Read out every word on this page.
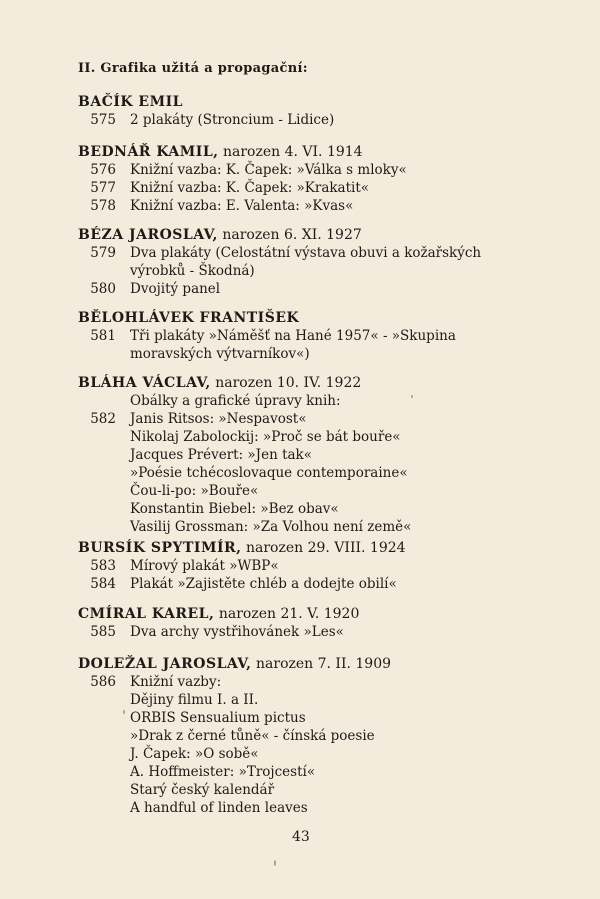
II. Grafika užitá a propagační:
BAČÍK EMIL
575	2 plakáty (Stroncium - Lidice)
BEDNÁŘ KAMIL, narozen 4. VI. 1914
576	Knižní vazba: K. Čapek: »Válka s mloky«
577	Knižní vazba: K. Čapek: »Krakatit«
578	Knižní vazba: E. Valenta: »Kvas«
BÉZA JAROSLAV, narozen 6. XI. 1927
579	Dva plakáty (Celostátní výstava obuvi a kožařských
výrobků - Škodná)
580	Dvojitý panel
BĚLOHLÁVEK FRANTIŠEK
581	Tři plakáty »Náměšť na Hané 1957« - »Skupina
moravských výtvarníkov«)
BLÁHA VÁCLAV, narozen 10. IV. 1922
Obálky a grafické úpravy knih:
582	Janis Ritsos: »Nespavost«
Nikolaj Zabolockij: »Proč se bát bouře«
Jacques Prévert: »Jen tak«
»Poésie tchécoslovaque contemporaine«
Čou-li-po: »Bouře«
Konstantin Biebel: »Bez obav«
Vasilij Grossman: »Za Volhou není země«
BURSÍK SPYTIMÍR, narozen 29. VIII. 1924
583	Mírový plakát »WBP«
584	Plakát »Zajistěte chléb a dodejte obilí«
CMÍRAL KAREL, narozen 21. V. 1920
585	Dva archy vystřihovánek »Les«
DOLEŽAL JAROSLAV, narozen 7. II. 1909
586	Knižní vazby:
Dějiny filmu I. a II.
ORBIS Sensualium pictus
»Drak z černé tůně« - čínská poesie
J. Čapek: »O sobě«
A. Hoffmeister: »Trojcestí«
Starý český kalendář
A handful of linden leaves
43
